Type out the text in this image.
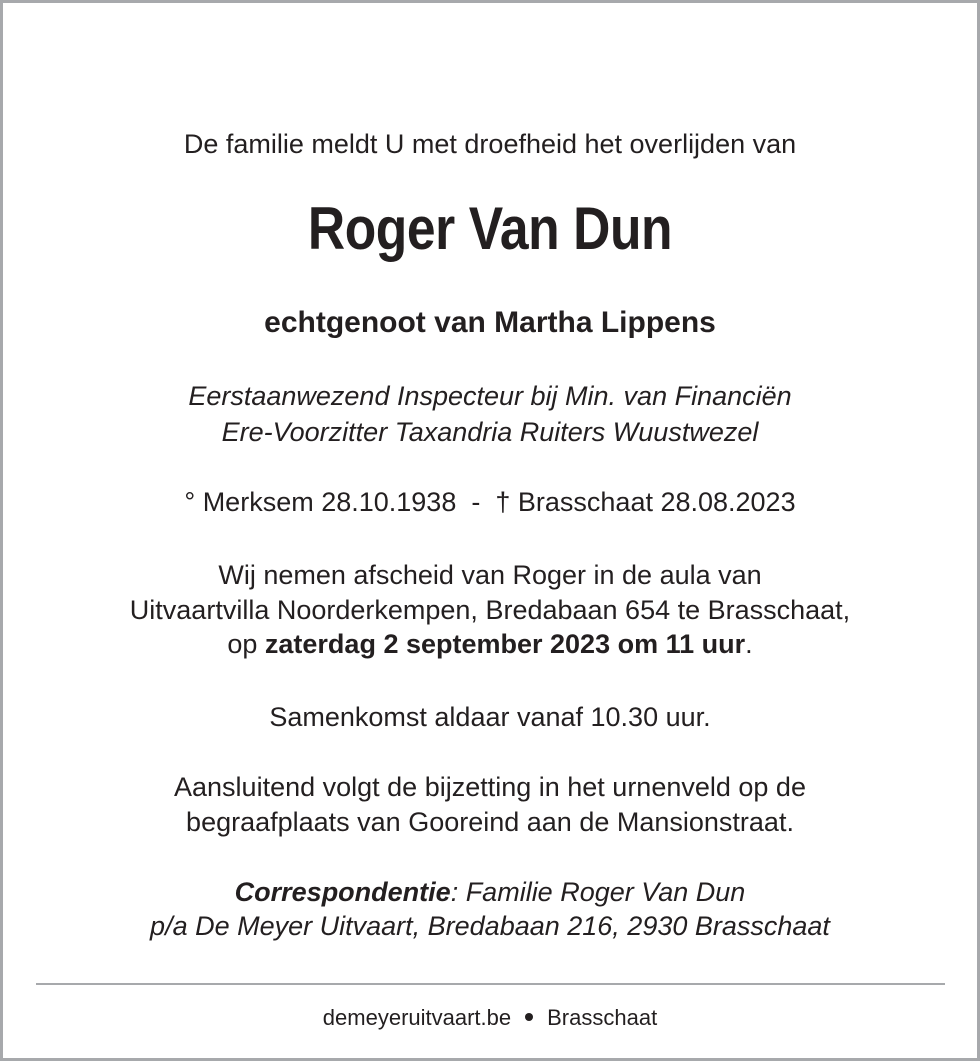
De familie meldt U met droefheid het overlijden van
Roger Van Dun
echtgenoot van Martha Lippens
Eerstaanwezend Inspecteur bij Min. van Financiën
Ere-Voorzitter Taxandria Ruiters Wuustwezel
° Merksem 28.10.1938 - † Brasschaat 28.08.2023
Wij nemen afscheid van Roger in de aula van
Uitvaartvilla Noorderkempen, Bredabaan 654 te Brasschaat,
op zaterdag 2 september 2023 om 11 uur.
Samenkomst aldaar vanaf 10.30 uur.
Aansluitend volgt de bijzetting in het urnenveld op de
begraafplaats van Gooreind aan de Mansionstraat.
Correspondentie: Familie Roger Van Dun
p/a De Meyer Uitvaart, Bredabaan 216, 2930 Brasschaat
demeyeruitvaart.be Brasschaat
